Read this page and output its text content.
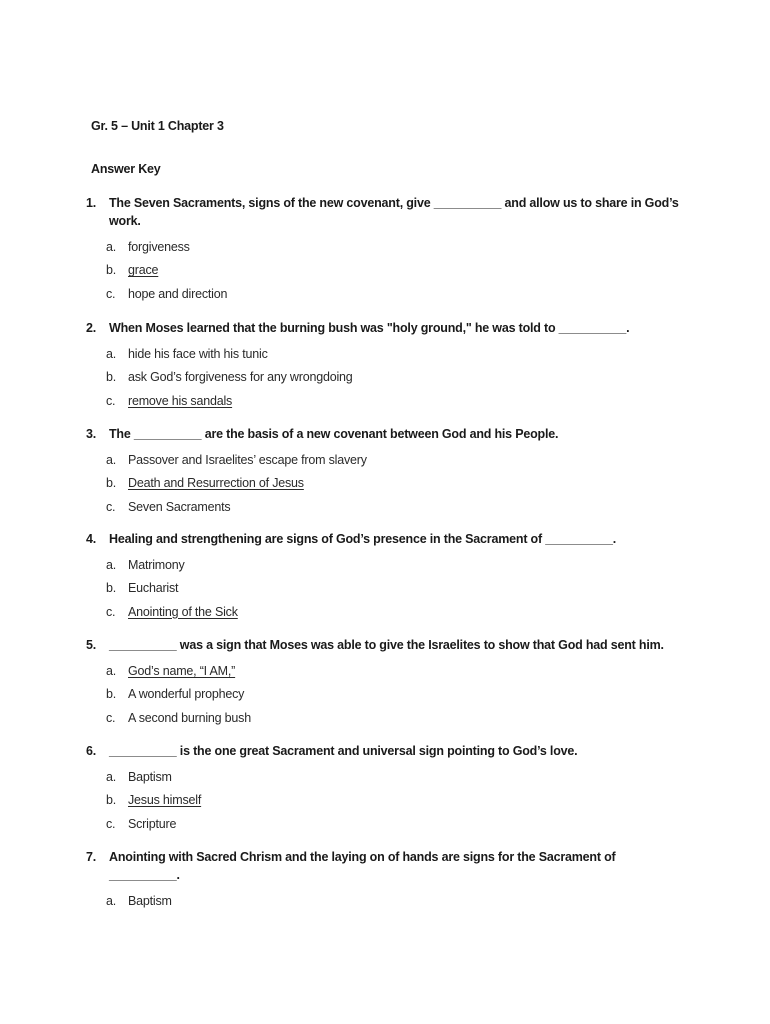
Gr. 5 – Unit 1 Chapter 3
Answer Key
1. The Seven Sacraments, signs of the new covenant, give __________ and allow us to share in God’s work.
a. forgiveness
b. grace
c. hope and direction
2. When Moses learned that the burning bush was "holy ground," he was told to __________.
a. hide his face with his tunic
b. ask God’s forgiveness for any wrongdoing
c. remove his sandals
3. The __________ are the basis of a new covenant between God and his People.
a. Passover and Israelites’ escape from slavery
b. Death and Resurrection of Jesus
c. Seven Sacraments
4. Healing and strengthening are signs of God’s presence in the Sacrament of __________.
a. Matrimony
b. Eucharist
c. Anointing of the Sick
5. __________ was a sign that Moses was able to give the Israelites to show that God had sent him.
a. God’s name, “I AM,”
b. A wonderful prophecy
c. A second burning bush
6. __________ is the one great Sacrament and universal sign pointing to God’s love.
a. Baptism
b. Jesus himself
c. Scripture
7. Anointing with Sacred Chrism and the laying on of hands are signs for the Sacrament of __________.
a. Baptism
